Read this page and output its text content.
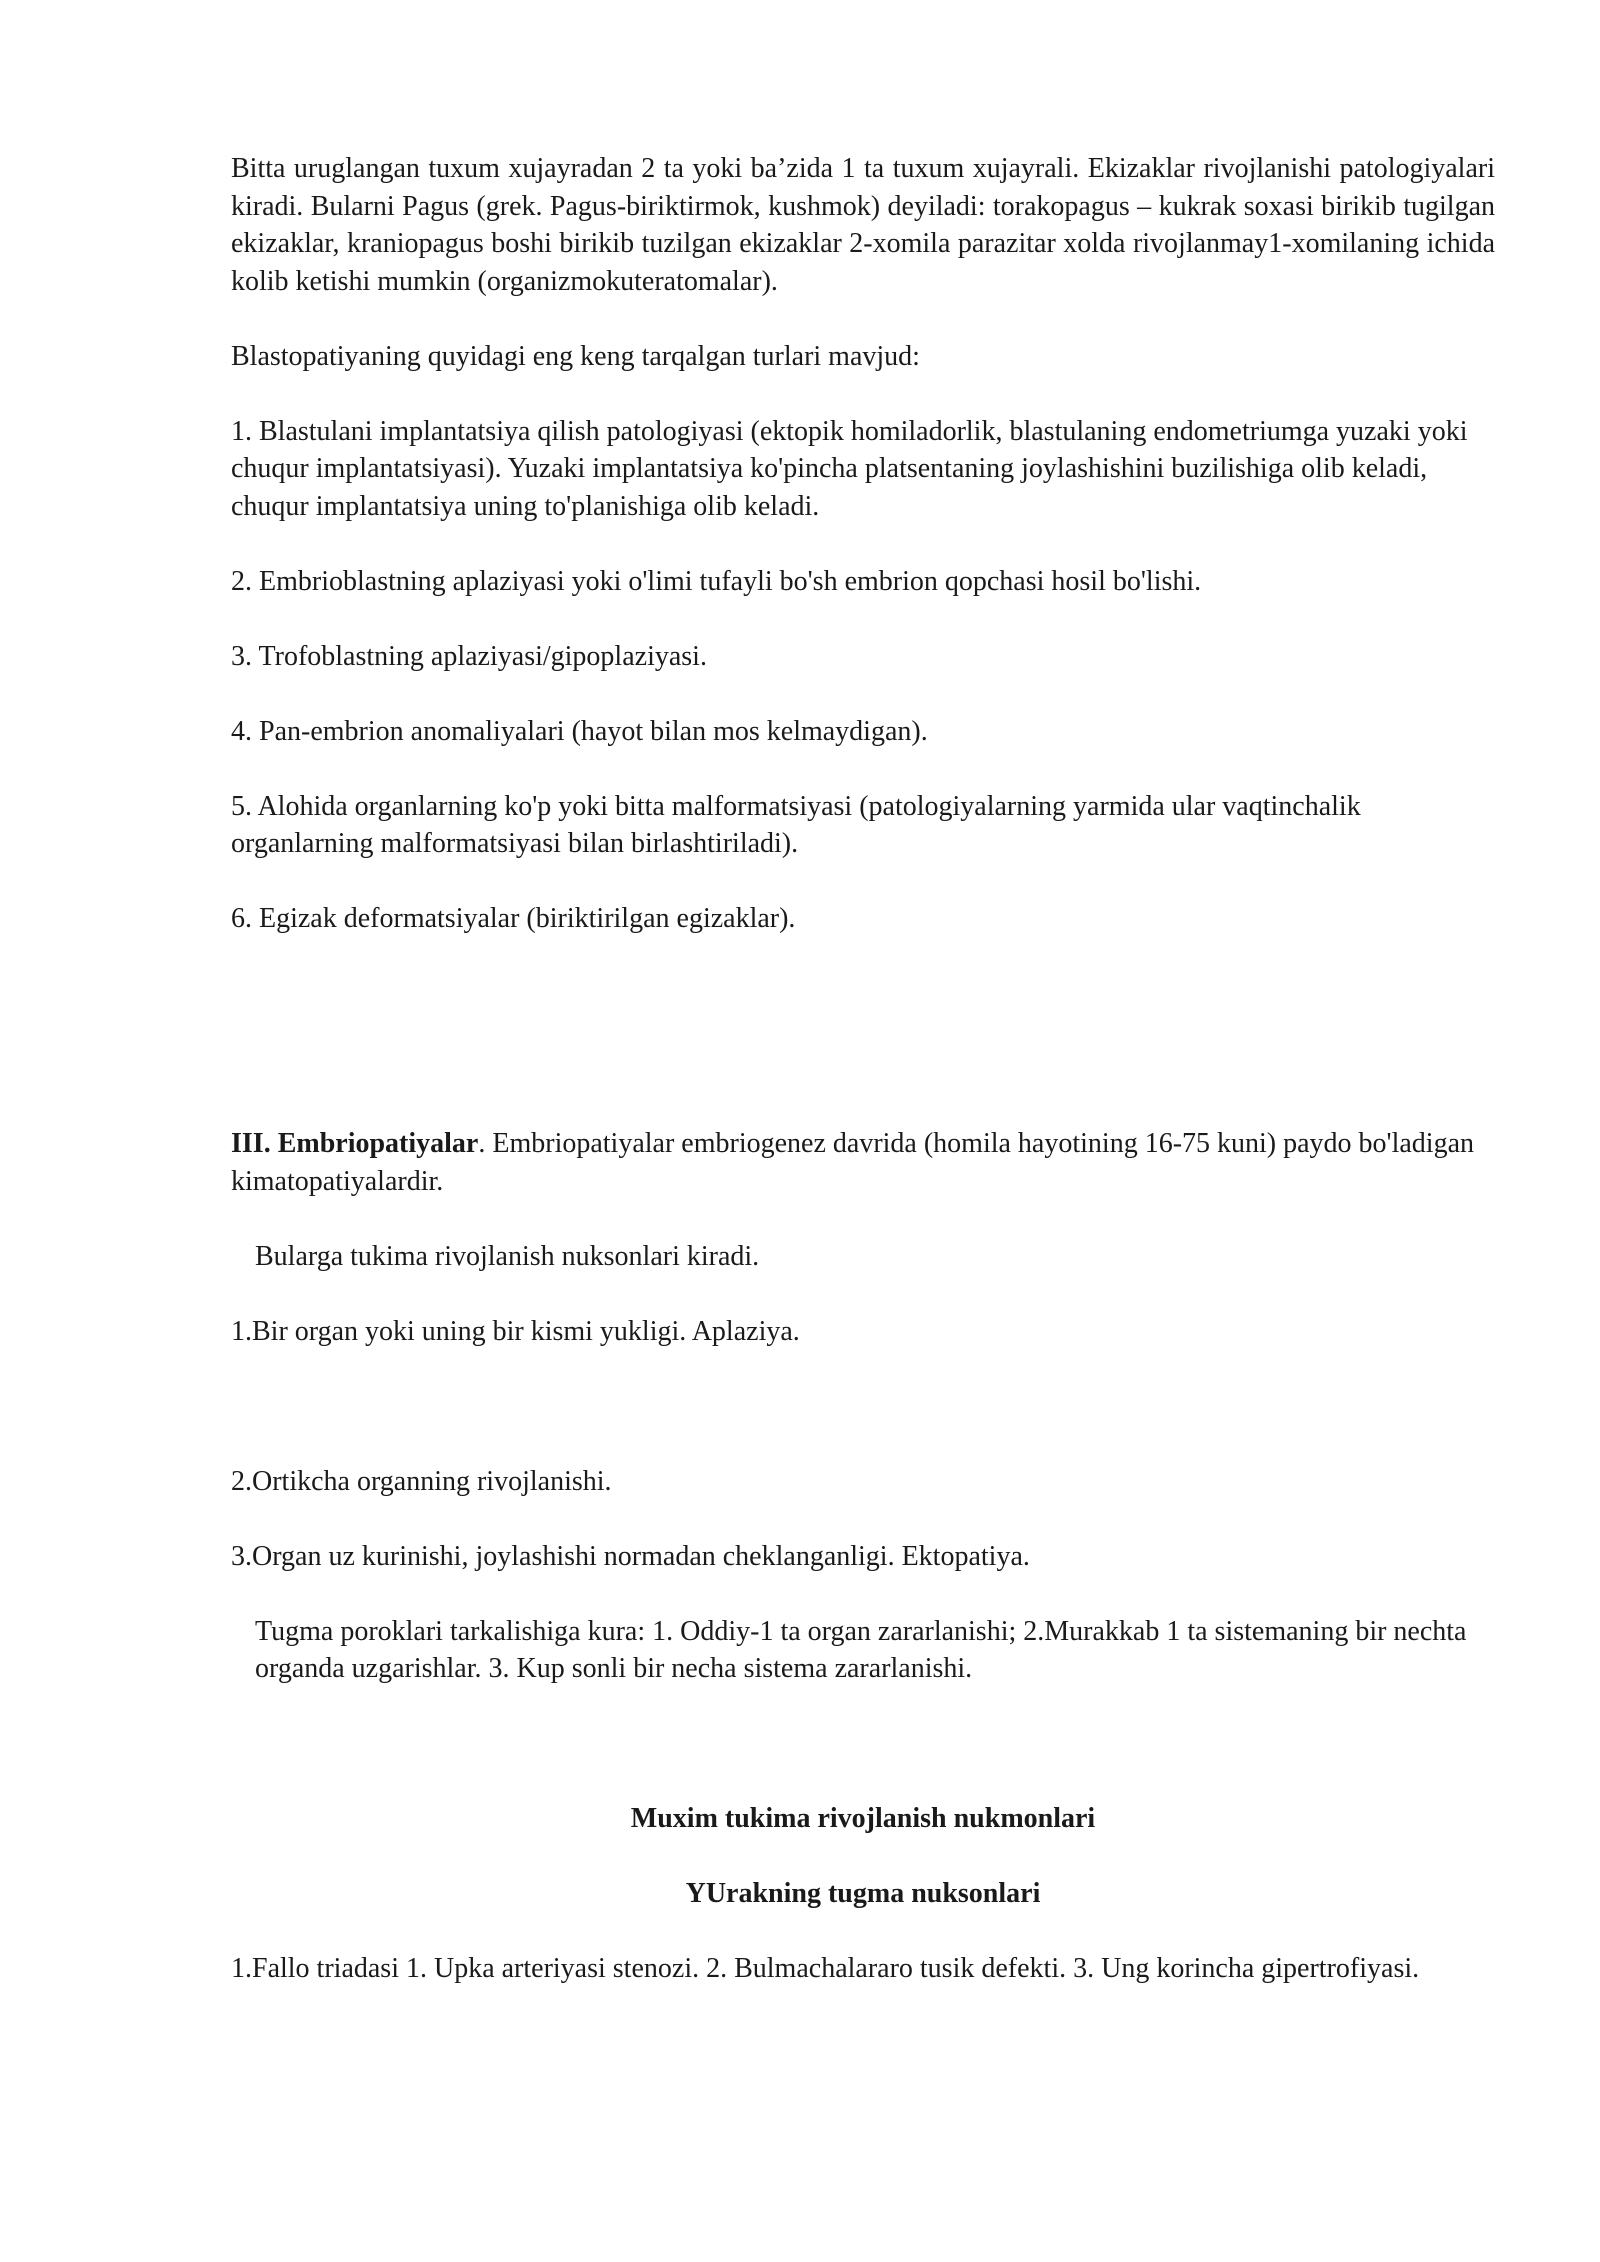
Bitta uruglangan tuxum xujayradan 2 ta yoki ba’zida 1 ta tuxum xujayrali. Ekizaklar rivojlanishi patologiyalari kiradi. Bularni Pagus (grek. Pagus-biriktirmok, kushmok) deyiladi: torakopagus – kukrak soxasi birikib tugilgan ekizaklar, kraniopagus boshi birikib tuzilgan ekizaklar 2-xomila parazitar xolda rivojlanmay1-xomilaning ichida kolib ketishi mumkin (organizmokuteratomalar).

Blastopatiyaning quyidagi eng keng tarqalgan turlari mavjud:

1. Blastulani implantatsiya qilish patologiyasi (ektopik homiladorlik, blastulaning endometriumga yuzaki yoki chuqur implantatsiyasi). Yuzaki implantatsiya ko'pincha platsentaning joylashishini buzilishiga olib keladi, chuqur implantatsiya uning to'planishiga olib keladi.

2. Embrioblastning aplaziyasi yoki o'limi tufayli bo'sh embrion qopchasi hosil bo'lishi.

3. Trofoblastning aplaziyasi/gipoplaziyasi.

4. Pan-embrion anomaliyalari (hayot bilan mos kelmaydigan).

5. Alohida organlarning ko'p yoki bitta malformatsiyasi (patologiyalarning yarmida ular vaqtinchalik organlarning malformatsiyasi bilan birlashtiriladi).

6. Egizak deformatsiyalar (biriktirilgan egizaklar).

III. Embriopatiyalar. Embriopatiyalar embriogenez davrida (homila hayotining 16-75 kuni) paydo bo'ladigan kimatopatiyalardir.

Bularga tukima rivojlanish nuksonlari kiradi.

1.Bir organ yoki uning bir kismi yukligi. Aplaziya.

2.Ortikcha organning rivojlanishi.

3.Organ uz kurinishi, joylashishi normadan cheklanganligi. Ektopatiya.

Tugma poroklari tarkalishiga kura: 1. Oddiy-1 ta organ zararlanishi; 2.Murakkab 1 ta sistemaning bir nechta organda uzgarishlar. 3. Kup sonli bir necha sistema zararlanishi.

Muxim tukima rivojlanish nukmonlari

YUrakning tugma nuksonlari

1.Fallo triadasi 1. Upka arteriyasi stenozi. 2. Bulmachalararo tusik defekti. 3. Ung korincha gipertrofiyasi.
